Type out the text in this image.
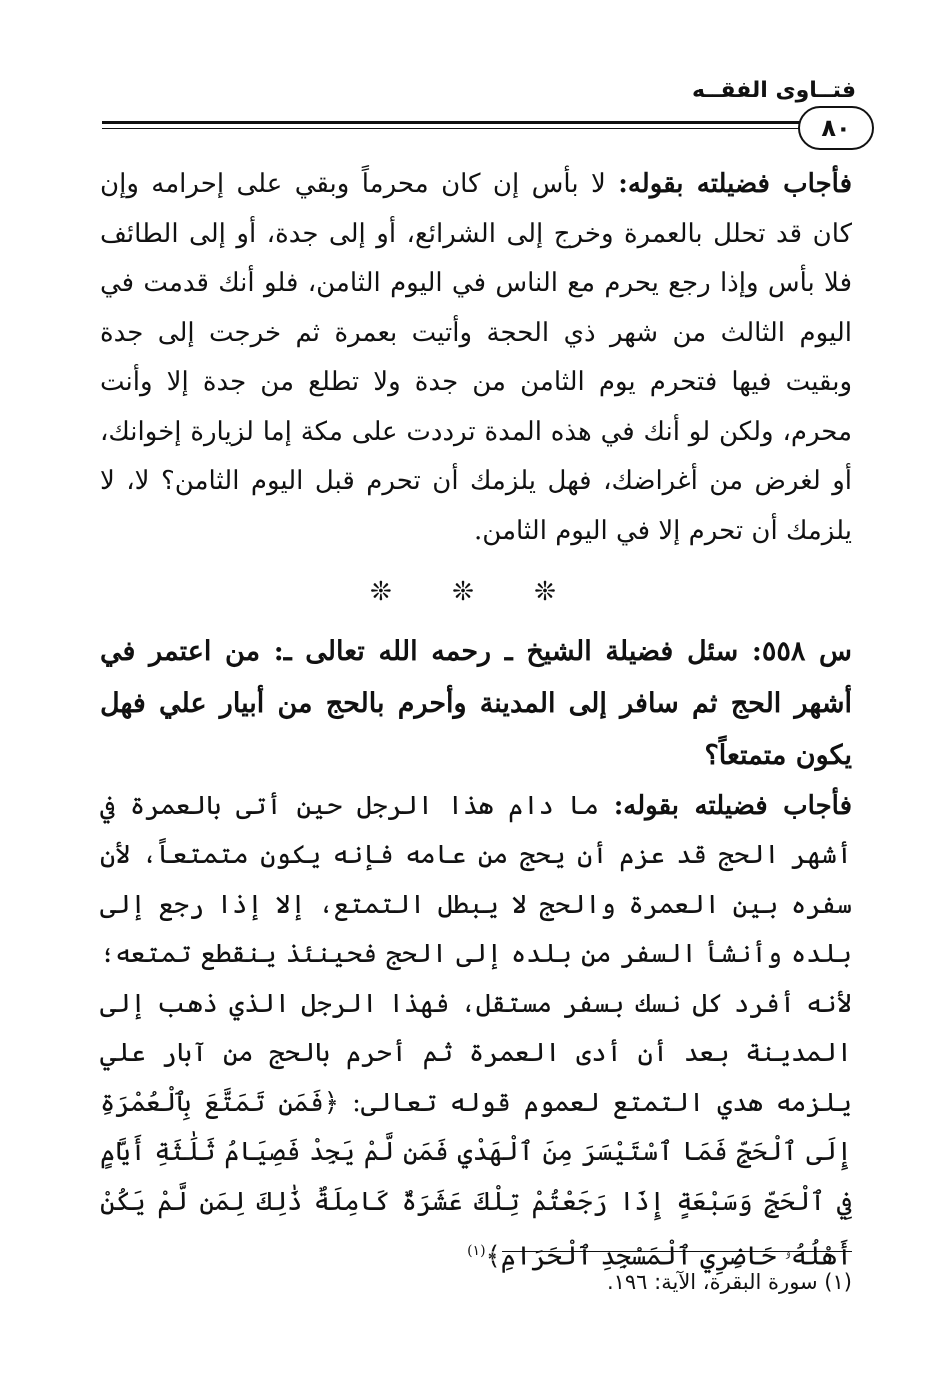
فتــاوى الفقــه
٨٠

فأجاب فضيلته بقوله: لا بأس إن كان محرماً وبقي على إحرامه وإن كان قد تحلل بالعمرة وخرج إلى الشرائع، أو إلى جدة، أو إلى الطائف فلا بأس وإذا رجع يحرم مع الناس في اليوم الثامن، فلو أنك قدمت في اليوم الثالث من شهر ذي الحجة وأتيت بعمرة ثم خرجت إلى جدة وبقيت فيها فتحرم يوم الثامن من جدة ولا تطلع من جدة إلا وأنت محرم، ولكن لو أنك في هذه المدة ترددت على مكة إما لزيارة إخوانك، أو لغرض من أغراضك، فهل يلزمك أن تحرم قبل اليوم الثامن؟ لا، لا يلزمك أن تحرم إلا في اليوم الثامن.

❊ ❊ ❊

س ٥٥٨: سئل فضيلة الشيخ ـ رحمه الله تعالى ـ: من اعتمر في أشهر الحج ثم سافر إلى المدينة وأحرم بالحج من أبيار علي فهل يكون متمتعاً؟

فأجاب فضيلته بقوله: ما دام هذا الرجل حين أتى بالعمرة في أشهر الحج قد عزم أن يحج من عامه فإنه يكون متمتعاً، لأن سفره بين العمرة والحج لا يبطل التمتع، إلا إذا رجع إلى بلده وأنشأ السفر من بلده إلى الحج فحينئذ ينقطع تمتعه؛ لأنه أفرد كل نسك بسفر مستقل، فهذا الرجل الذي ذهب إلى المدينة بعد أن أدى العمرة ثم أحرم بالحج من آبار علي يلزمه هدي التمتع لعموم قوله تعالى: ﴿فَمَن تَمَتَّعَ بِٱلْعُمْرَةِ إِلَى ٱلْحَجِّ فَمَا ٱسْتَيْسَرَ مِنَ ٱلْهَدْيِ فَمَن لَّمْ يَجِدْ فَصِيَامُ ثَلَٰثَةِ أَيَّامٍ فِي ٱلْحَجِّ وَسَبْعَةٍ إِذَا رَجَعْتُمْ تِلْكَ عَشَرَةٌ كَامِلَةٌ ذَٰلِكَ لِمَن لَّمْ يَكُنْ أَهْلُهُۥ حَاضِرِي ٱلْمَسْجِدِ ٱلْحَرَامِ﴾$^{(١)}$

(١) سورة البقرة، الآية: ١٩٦.
